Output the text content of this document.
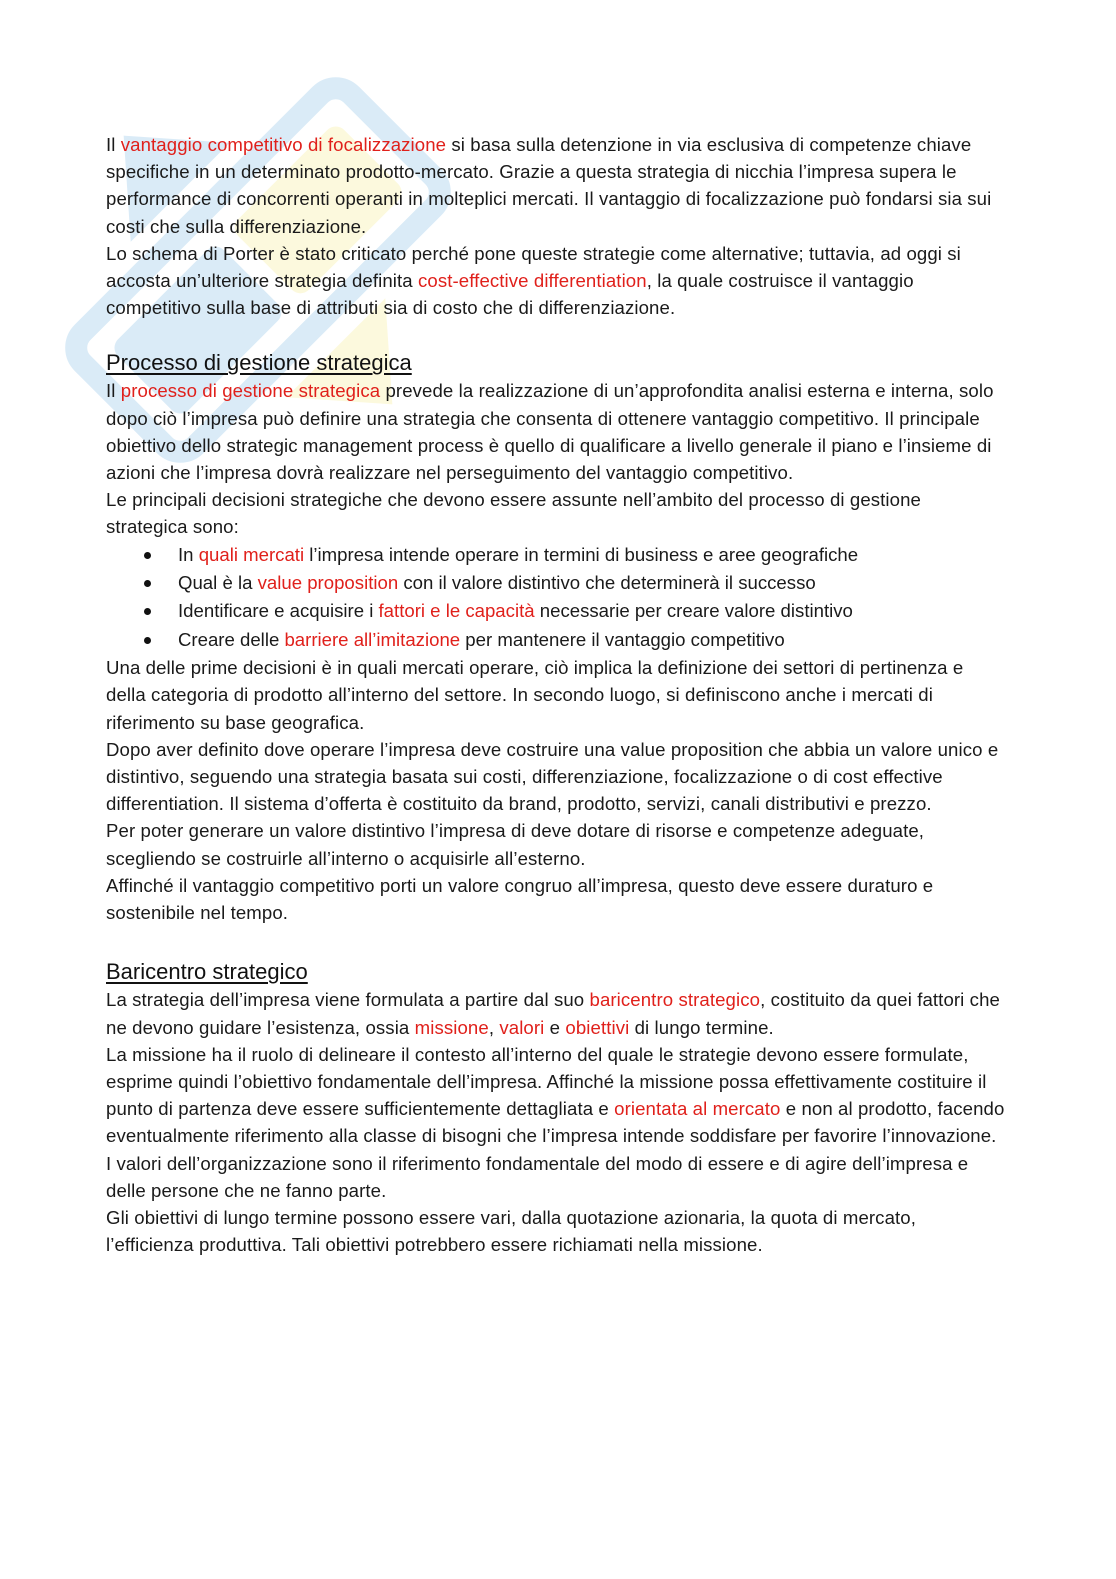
Il vantaggio competitivo di focalizzazione si basa sulla detenzione in via esclusiva di competenze chiave specifiche in un determinato prodotto-mercato. Grazie a questa strategia di nicchia l’impresa supera le performance di concorrenti operanti in molteplici mercati. Il vantaggio di focalizzazione può fondarsi sia sui costi che sulla differenziazione.

Lo schema di Porter è stato criticato perché pone queste strategie come alternative; tuttavia, ad oggi si accosta un’ulteriore strategia definita cost-effective differentiation, la quale costruisce il vantaggio competitivo sulla base di attributi sia di costo che di differenziazione.

Processo di gestione strategica

Il processo di gestione strategica prevede la realizzazione di un’approfondita analisi esterna e interna, solo dopo ciò l’impresa può definire una strategia che consenta di ottenere vantaggio competitivo. Il principale obiettivo dello strategic management process è quello di qualificare a livello generale il piano e l’insieme di azioni che l’impresa dovrà realizzare nel perseguimento del vantaggio competitivo.

Le principali decisioni strategiche che devono essere assunte nell’ambito del processo di gestione strategica sono:

In quali mercati l’impresa intende operare in termini di business e aree geografiche
Qual è la value proposition con il valore distintivo che determinerà il successo
Identificare e acquisire i fattori e le capacità necessarie per creare valore distintivo
Creare delle barriere all’imitazione per mantenere il vantaggio competitivo

Una delle prime decisioni è in quali mercati operare, ciò implica la definizione dei settori di pertinenza e della categoria di prodotto all’interno del settore. In secondo luogo, si definiscono anche i mercati di riferimento su base geografica.

Dopo aver definito dove operare l’impresa deve costruire una value proposition che abbia un valore unico e distintivo, seguendo una strategia basata sui costi, differenziazione, focalizzazione o di cost effective differentiation. Il sistema d’offerta è costituito da brand, prodotto, servizi, canali distributivi e prezzo.

Per poter generare un valore distintivo l’impresa di deve dotare di risorse e competenze adeguate, scegliendo se costruirle all’interno o acquisirle all’esterno.

Affinché il vantaggio competitivo porti un valore congruo all’impresa, questo deve essere duraturo e sostenibile nel tempo.

Baricentro strategico

La strategia dell’impresa viene formulata a partire dal suo baricentro strategico, costituito da quei fattori che ne devono guidare l’esistenza, ossia missione, valori e obiettivi di lungo termine.

La missione ha il ruolo di delineare il contesto all’interno del quale le strategie devono essere formulate, esprime quindi l’obiettivo fondamentale dell’impresa. Affinché la missione possa effettivamente costituire il punto di partenza deve essere sufficientemente dettagliata e orientata al mercato e non al prodotto, facendo eventualmente riferimento alla classe di bisogni che l’impresa intende soddisfare per favorire l’innovazione.

I valori dell’organizzazione sono il riferimento fondamentale del modo di essere e di agire dell’impresa e delle persone che ne fanno parte.

Gli obiettivi di lungo termine possono essere vari, dalla quotazione azionaria, la quota di mercato, l’efficienza produttiva. Tali obiettivi potrebbero essere richiamati nella missione.
